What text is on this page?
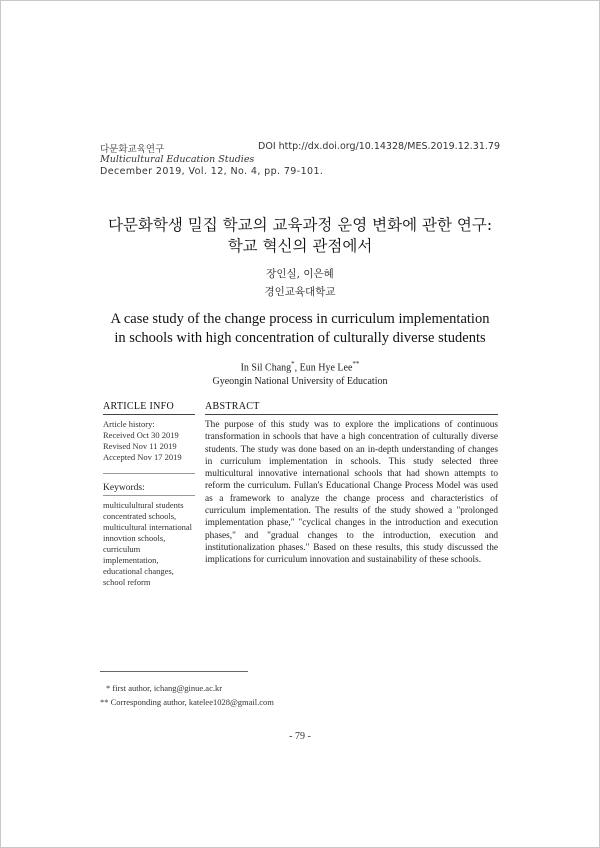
다문화교육연구	DOI http://dx.doi.org/10.14328/MES.2019.12.31.79
Multicultural Education Studies
December 2019, Vol. 12, No. 4, pp. 79-101.
다문화학생 밀집 학교의 교육과정 운영 변화에 관한 연구:
학교 혁신의 관점에서
장인실, 이은혜
경인교육대학교
A case study of the change process in curriculum implementation
in schools with high concentration of culturally diverse students
In Sil Chang*, Eun Hye Lee**
Gyeongin National University of Education
ARTICLE INFO
Article history:
Received Oct 30 2019
Revised Nov 11 2019
Accepted Nov 17 2019
Keywords:
multiculultural students concentrated schools, multicultural international innovtion schools, curriculum implementation, educational changes, school reform
ABSTRACT
The purpose of this study was to explore the implications of continuous transformation in schools that have a high concentration of culturally diverse students. The study was done based on an in-depth understanding of changes in curriculum implementation in schools. This study selected three multicultural innovative international schools that had shown attempts to reform the curriculum. Fullan's Educational Change Process Model was used as a framework to analyze the change process and characteristics of curriculum implementation. The results of the study showed a "prolonged implementation phase," "cyclical changes in the introduction and execution phases," and "gradual changes to the introduction, execution and institutionalization phases." Based on these results, this study discussed the implications for curriculum innovation and sustainability of these schools.
* first author, ichang@ginue.ac.kr
** Corresponding author, katelee1028@gmail.com
- 79 -
